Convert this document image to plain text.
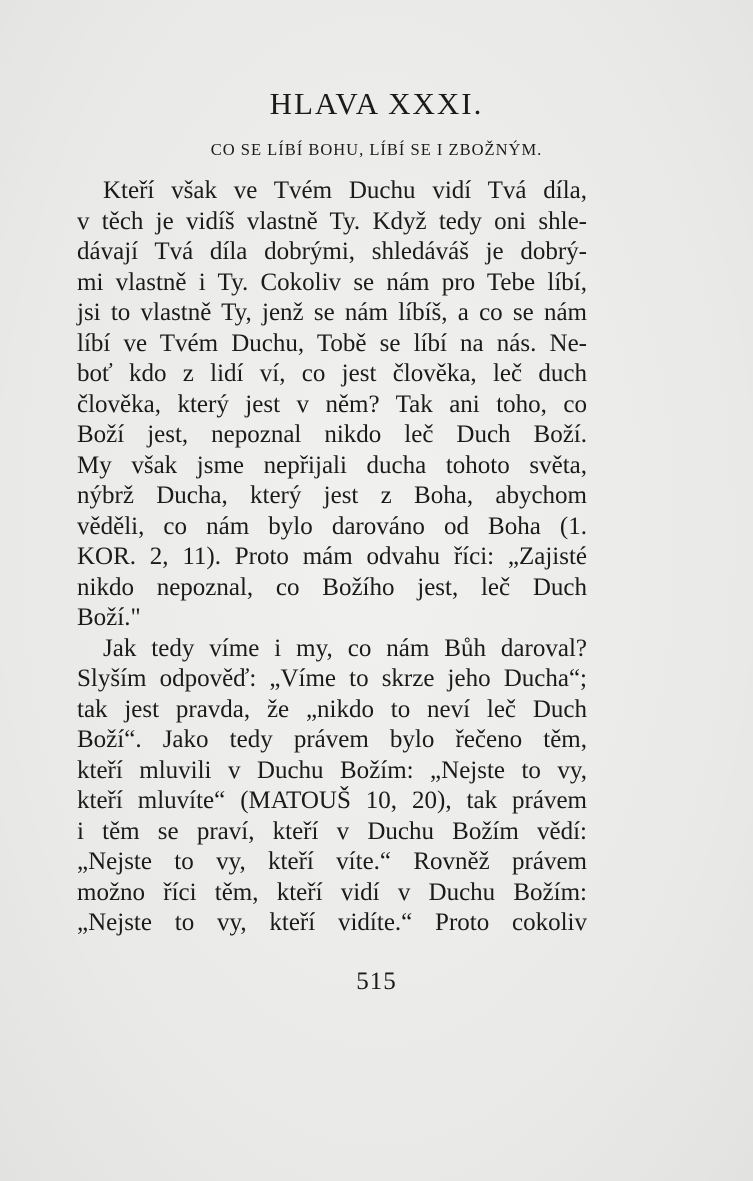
HLAVA XXXI.
CO SE LÍBÍ BOHU, LÍBÍ SE I ZBOŽNÝM.
Kteří však ve Tvém Duchu vidí Tvá díla,
v těch je vidíš vlastně Ty. Když tedy oni shle-
dávají Tvá díla dobrými, shledáváš je dobrý-
mi vlastně i Ty. Cokoliv se nám pro Tebe líbí,
jsi to vlastně Ty, jenž se nám líbíš, a co se nám
líbí ve Tvém Duchu, Tobě se líbí na nás. Ne-
boť kdo z lidí ví, co jest člověka, leč duch
člověka, který jest v něm? Tak ani toho, co
Boží jest, nepoznal nikdo leč Duch Boží.
My však jsme nepřijali ducha tohoto světa,
nýbrž Ducha, který jest z Boha, abychom
věděli, co nám bylo darováno od Boha (1.
KOR. 2, 11). Proto mám odvahu říci: „Zajisté
nikdo nepoznal, co Božího jest, leč Duch
Boží."
Jak tedy víme i my, co nám Bůh daroval?
Slyším odpověď: „Víme to skrze jeho Ducha“;
tak jest pravda, že „nikdo to neví leč Duch
Boží“. Jako tedy právem bylo řečeno těm,
kteří mluvili v Duchu Božím: „Nejste to vy,
kteří mluvíte“ (MATOUŠ 10, 20), tak právem
i těm se praví, kteří v Duchu Božím vědí:
„Nejste to vy, kteří víte.“ Rovněž právem
možno říci těm, kteří vidí v Duchu Božím:
„Nejste to vy, kteří vidíte.“ Proto cokoliv
515
